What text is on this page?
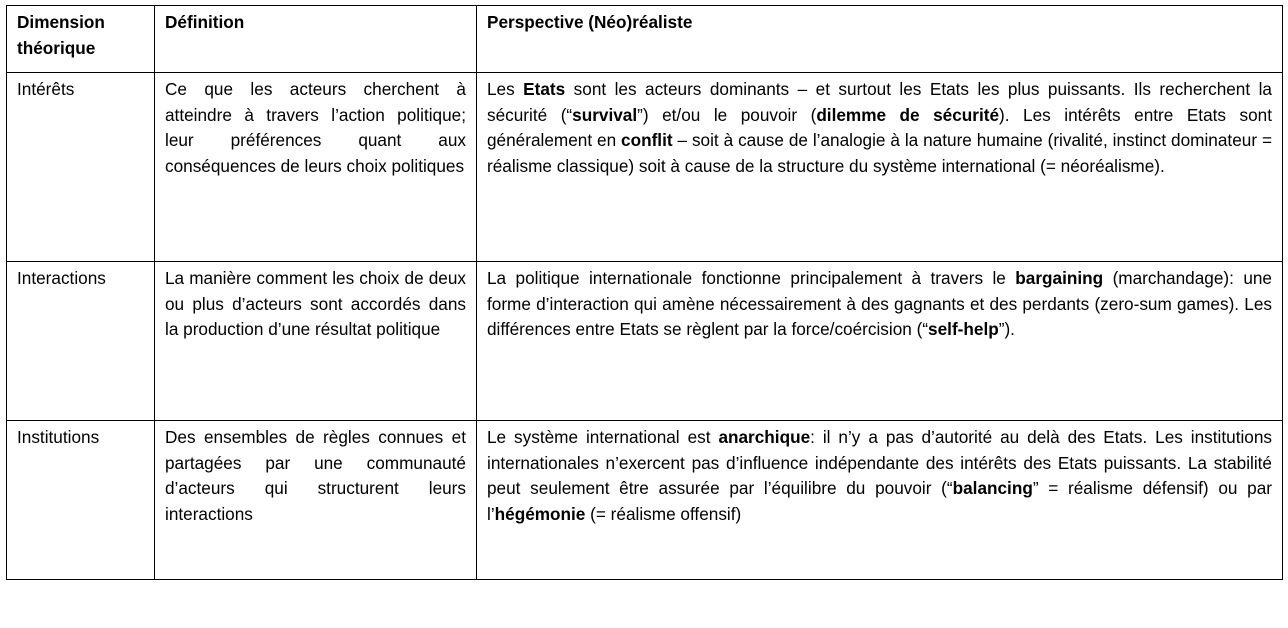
Dimension théorique	Définition	Perspective (Néo)réaliste
Intérêts	Ce que les acteurs cherchent à atteindre à travers l’action politique; leur préférences quant aux conséquences de leurs choix politiques	Les Etats sont les acteurs dominants – et surtout les Etats les plus puissants. Ils recherchent la sécurité (“survival”) et/ou le pouvoir (dilemme de sécurité). Les intérêts entre Etats sont généralement en conflit – soit à cause de l’analogie à la nature humaine (rivalité, instinct dominateur = réalisme classique) soit à cause de la structure du système international (= néoréalisme).
Interactions	La manière comment les choix de deux ou plus d’acteurs sont accordés dans la production d’une résultat politique	La politique internationale fonctionne principalement à travers le bargaining (marchandage): une forme d’interaction qui amène nécessairement à des gagnants et des perdants (zero-sum games). Les différences entre Etats se règlent par la force/coércision (“self-help”).
Institutions	Des ensembles de règles connues et partagées par une communauté d’acteurs qui structurent leurs interactions	Le système international est anarchique: il n’y a pas d’autorité au delà des Etats. Les institutions internationales n’exercent pas d’influence indépendante des intérêts des Etats puissants. La stabilité peut seulement être assurée par l’équilibre du pouvoir (“balancing” = réalisme défensif) ou par l’hégémonie (= réalisme offensif)
